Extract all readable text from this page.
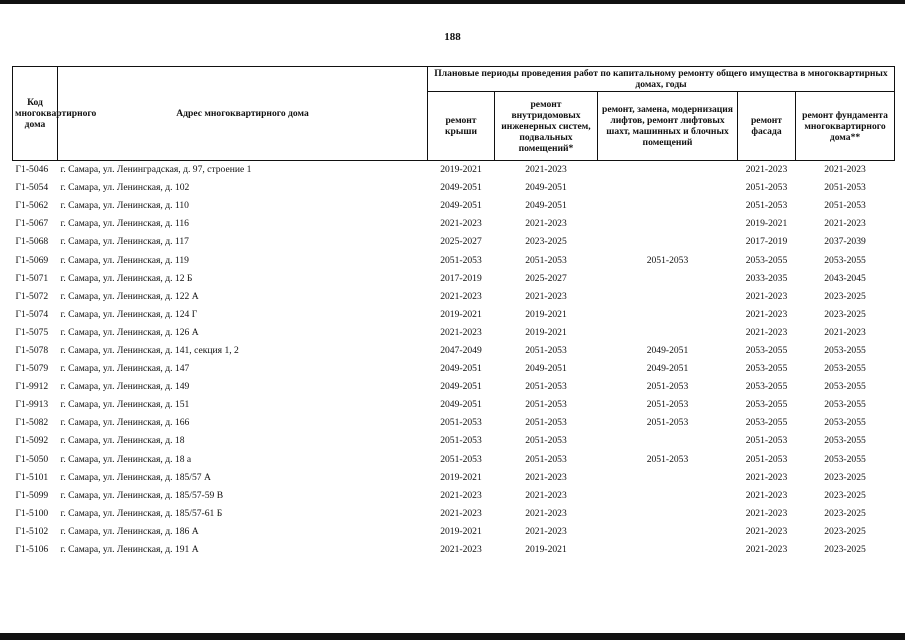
188
Код многоквартирного дома	Адрес многоквартирного дома	Плановые периоды проведения работ по капитальному ремонту общего имущества в многоквартирных домах, годы				
		ремонт крыши	ремонт внутридомовых инженерных систем, подвальных помещений*	ремонт, замена, модернизация лифтов, ремонт лифтовых шахт, машинных и блочных помещений	ремонт фасада	ремонт фундамента многоквартирного дома**
Г1-5046	г. Самара, ул. Ленинградская, д. 97, строение 1	2019-2021	2021-2023		2021-2023	2021-2023
Г1-5054	г. Самара, ул. Ленинская, д. 102	2049-2051	2049-2051		2051-2053	2051-2053
Г1-5062	г. Самара, ул. Ленинская, д. 110	2049-2051	2049-2051		2051-2053	2051-2053
Г1-5067	г. Самара, ул. Ленинская, д. 116	2021-2023	2021-2023		2019-2021	2021-2023
Г1-5068	г. Самара, ул. Ленинская, д. 117	2025-2027	2023-2025		2017-2019	2037-2039
Г1-5069	г. Самара, ул. Ленинская, д. 119	2051-2053	2051-2053	2051-2053	2053-2055	2053-2055
Г1-5071	г. Самара, ул. Ленинская, д. 12 Б	2017-2019	2025-2027		2033-2035	2043-2045
Г1-5072	г. Самара, ул. Ленинская, д. 122 А	2021-2023	2021-2023		2021-2023	2023-2025
Г1-5074	г. Самара, ул. Ленинская, д. 124 Г	2019-2021	2019-2021		2021-2023	2023-2025
Г1-5075	г. Самара, ул. Ленинская, д. 126 А	2021-2023	2019-2021		2021-2023	2021-2023
Г1-5078	г. Самара, ул. Ленинская, д. 141, секция 1, 2	2047-2049	2051-2053	2049-2051	2053-2055	2053-2055
Г1-5079	г. Самара, ул. Ленинская, д. 147	2049-2051	2049-2051	2049-2051	2053-2055	2053-2055
Г1-9912	г. Самара, ул. Ленинская, д. 149	2049-2051	2051-2053	2051-2053	2053-2055	2053-2055
Г1-9913	г. Самара, ул. Ленинская, д. 151	2049-2051	2051-2053	2051-2053	2053-2055	2053-2055
Г1-5082	г. Самара, ул. Ленинская, д. 166	2051-2053	2051-2053	2051-2053	2053-2055	2053-2055
Г1-5092	г. Самара, ул. Ленинская, д. 18	2051-2053	2051-2053		2051-2053	2053-2055
Г1-5050	г. Самара, ул. Ленинская, д. 18 а	2051-2053	2051-2053	2051-2053	2051-2053	2053-2055
Г1-5101	г. Самара, ул. Ленинская, д. 185/57 А	2019-2021	2021-2023		2021-2023	2023-2025
Г1-5099	г. Самара, ул. Ленинская, д. 185/57-59 В	2021-2023	2021-2023		2021-2023	2023-2025
Г1-5100	г. Самара, ул. Ленинская, д. 185/57-61 Б	2021-2023	2021-2023		2021-2023	2023-2025
Г1-5102	г. Самара, ул. Ленинская, д. 186 А	2019-2021	2021-2023		2021-2023	2023-2025
Г1-5106	г. Самара, ул. Ленинская, д. 191 А	2021-2023	2019-2021		2021-2023	2023-2025
